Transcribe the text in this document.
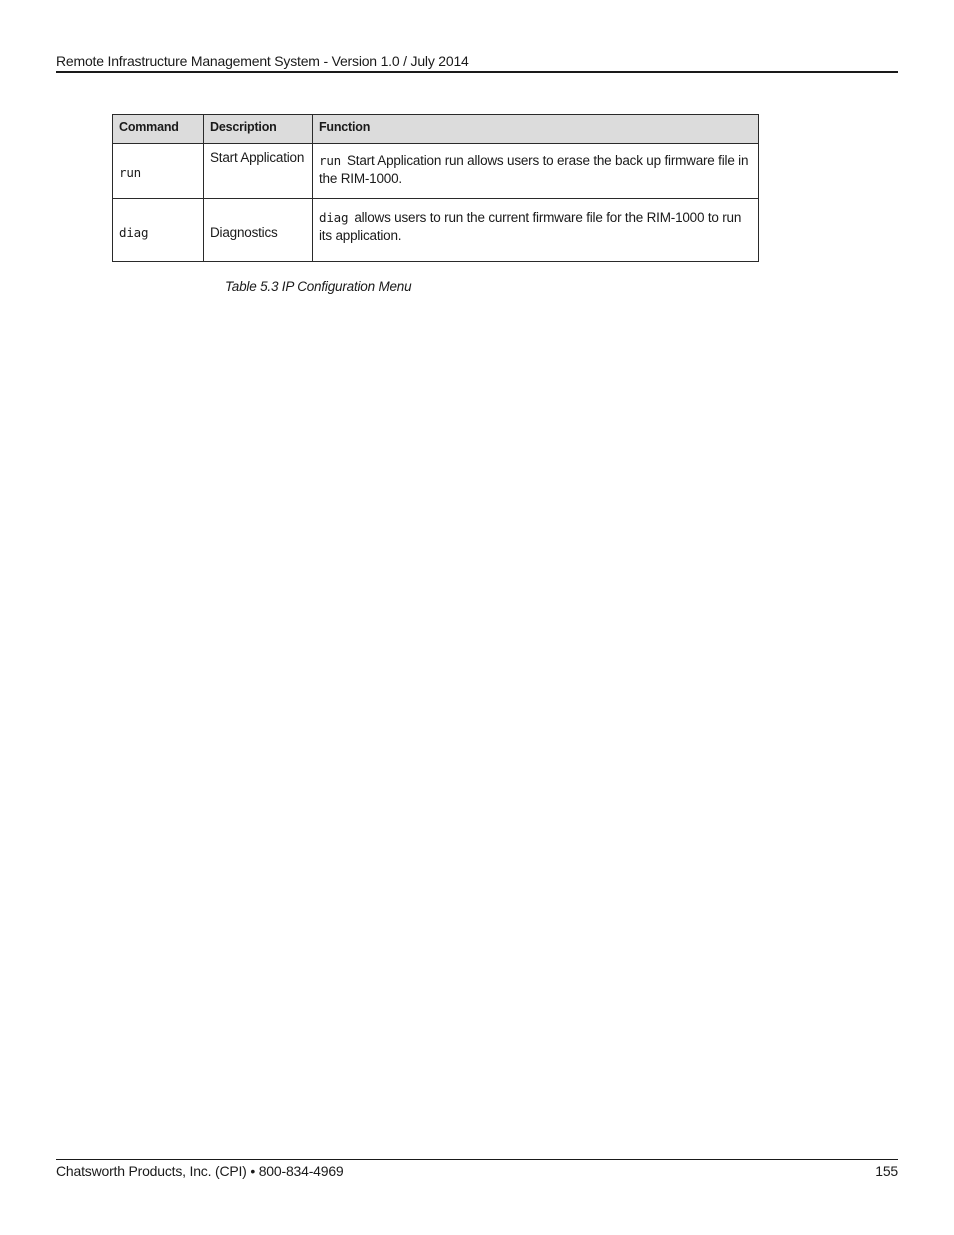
Remote Infrastructure Management System - Version 1.0 / July 2014
Command	Description	Function
run	Start Application	run Start Application run allows users to erase the back up firmware file in the RIM-1000.
diag	Diagnostics	diag allows users to run the current firmware file for the RIM-1000 to run its application.
Table 5.3 IP Configuration Menu
Chatsworth Products, Inc. (CPI) • 800-834-4969	155
